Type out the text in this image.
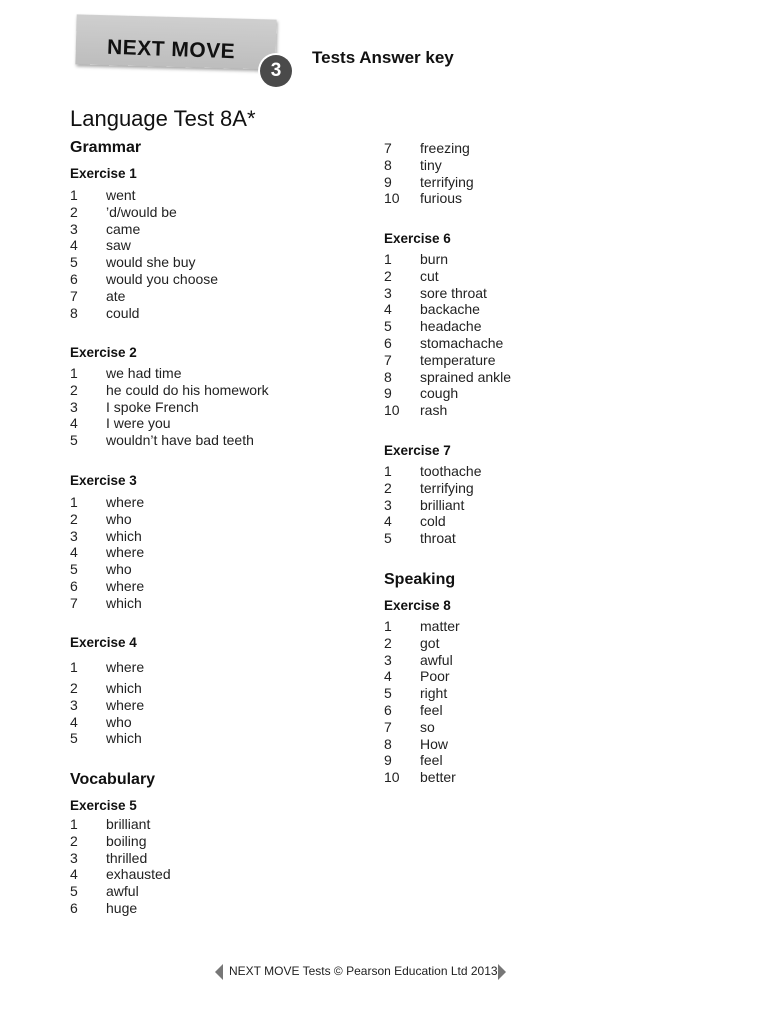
NEXT MOVE
3
Tests Answer key
Language Test 8A*
Grammar
Vocabulary
Speaking
Exercise 1
Exercise 2
Exercise 3
Exercise 4
Exercise 5
Exercise 6
Exercise 7
Exercise 8
1 went
2 ’d/would be
3 came
4 saw
5 would she buy
6 would you choose
7 ate
8 could
1 we had time
2 he could do his homework
3 I spoke French
4 I were you
5 wouldn’t have bad teeth
1 where
2 who
3 which
4 where
5 who
6 where
7 which
1 where
2 which
3 where
4 who
5 which
1 brilliant
2 boiling
3 thrilled
4 exhausted
5 awful
6 huge
7 freezing
8 tiny
9 terrifying
10 furious
1 burn
2 cut
3 sore throat
4 backache
5 headache
6 stomachache
7 temperature
8 sprained ankle
9 cough
10 rash
1 toothache
2 terrifying
3 brilliant
4 cold
5 throat
1 matter
2 got
3 awful
4 Poor
5 right
6 feel
7 so
8 How
9 feel
10 better
NEXT MOVE Tests © Pearson Education Ltd 2013
